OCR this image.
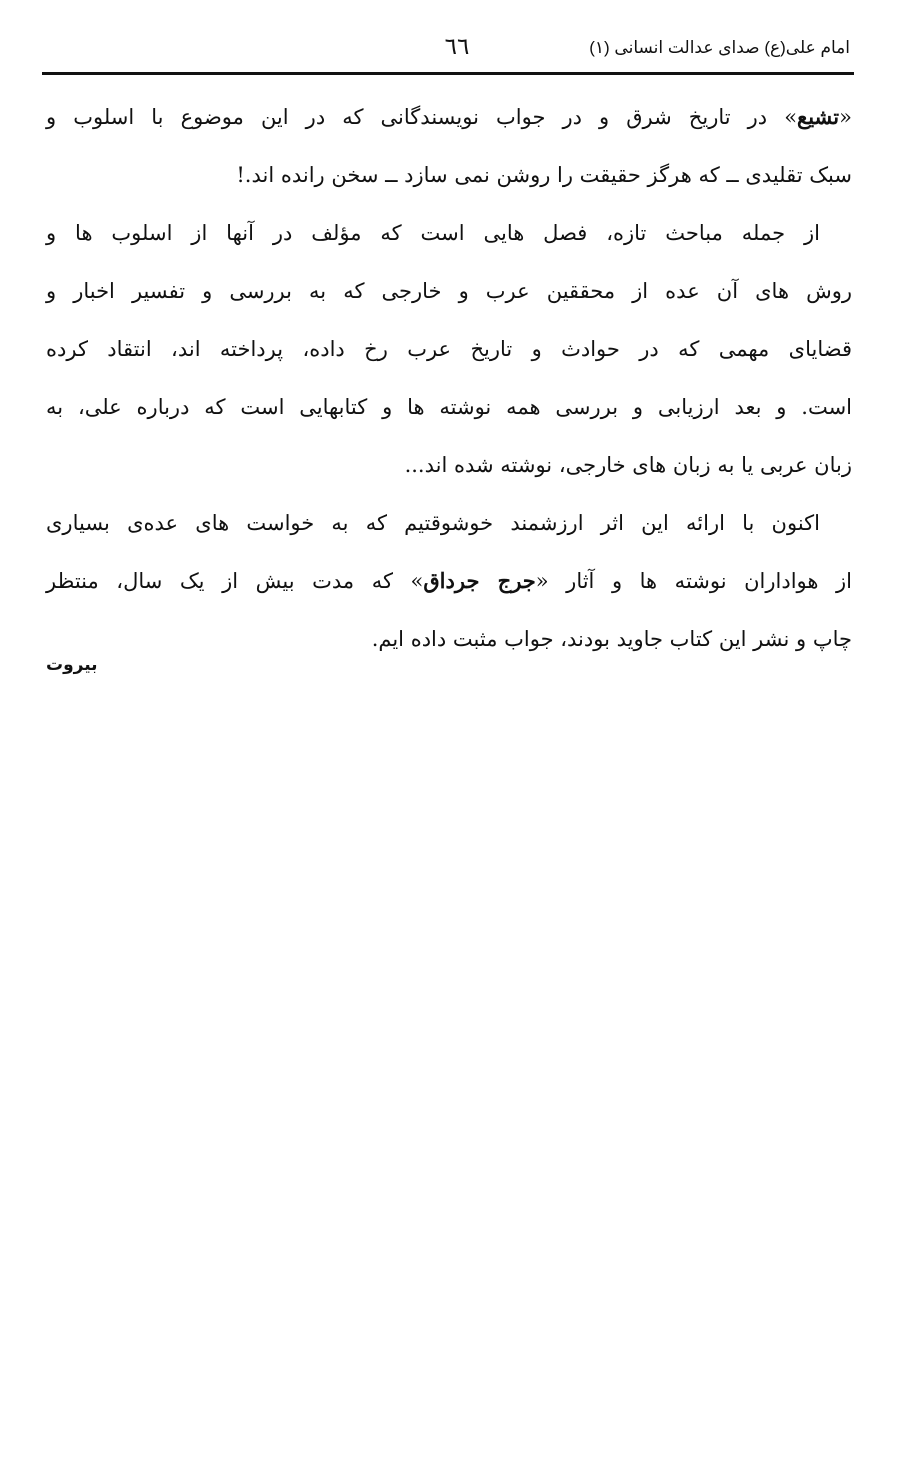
امام علی(ع) صدای عدالت انسانی (۱)
٦٦
«تشیع» در تاریخ شرق و در جواب نویسندگانی که در این موضوع با اسلوب و
سبک تقلیدی ــ که هرگز حقیقت را روشن نمی سازد ــ سخن رانده اند.!
از جمله مباحث تازه، فصل هایی است که مؤلف در آنها از اسلوب ها و
روش های آن عده از محققین عرب و خارجی که به بررسی و تفسیر اخبار و
قضایای مهمی که در حوادث و تاریخ عرب رخ داده، پرداخته اند، انتقاد کرده
است. و بعد ارزیابی و بررسی همه نوشته ها و کتابهایی است که درباره علی، به
زبان عربی یا به زبان های خارجی، نوشته شده اند...
اکنون با ارائه این اثر ارزشمند خوشوقتیم که به خواست های عده‌ی بسیاری
از هواداران نوشته ها و آثار «جرج جرداق» که مدت بیش از یک سال، منتظر
چاپ و نشر این کتاب جاوید بودند، جواب مثبت داده ایم.
بیروت
